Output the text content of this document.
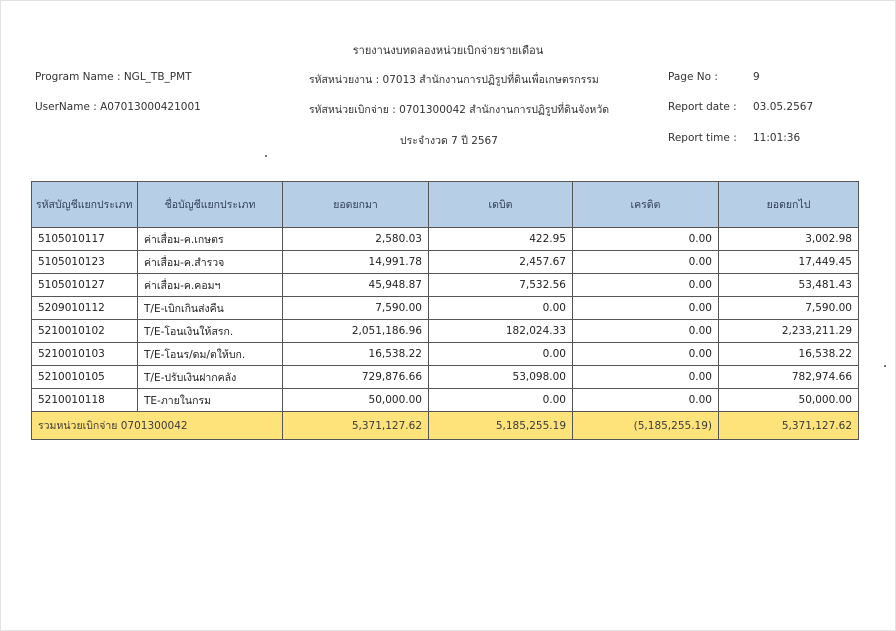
รายงานงบทดลองหน่วยเบิกจ่ายรายเดือน
Program Name : NGL_TB_PMT
UserName : A07013000421001
รหัสหน่วยงาน : 07013 สำนักงานการปฏิรูปที่ดินเพื่อเกษตรกรรม
รหัสหน่วยเบิกจ่าย : 0701300042 สำนักงานการปฏิรูปที่ดินจังหวัด
ประจำงวด 7 ปี 2567
Page No :	9
Report date : 03.05.2567
Report time : 11:01:36
รหัสบัญชีแยกประเภท	ชื่อบัญชีแยกประเภท	ยอดยกมา	เดบิต	เครดิต	ยอดยกไป
5105010117	ค่าเสื่อม-ค.เกษตร	2,580.03	422.95	0.00	3,002.98
5105010123	ค่าเสื่อม-ค.สำรวจ	14,991.78	2,457.67	0.00	17,449.45
5105010127	ค่าเสื่อม-ค.คอมฯ	45,948.87	7,532.56	0.00	53,481.43
5209010112	T/E-เบิกเกินส่งคืน	7,590.00	0.00	0.00	7,590.00
5210010102	T/E-โอนเงินให้สรก.	2,051,186.96	182,024.33	0.00	2,233,211.29
5210010103	T/E-โอนร/ดม/ตให้บก.	16,538.22	0.00	0.00	16,538.22
5210010105	T/E-ปรับเงินฝากคลัง	729,876.66	53,098.00	0.00	782,974.66
5210010118	TE-ภายในกรม	50,000.00	0.00	0.00	50,000.00
รวมหน่วยเบิกจ่าย 0701300042		5,371,127.62	5,185,255.19	(5,185,255.19)	5,371,127.62
